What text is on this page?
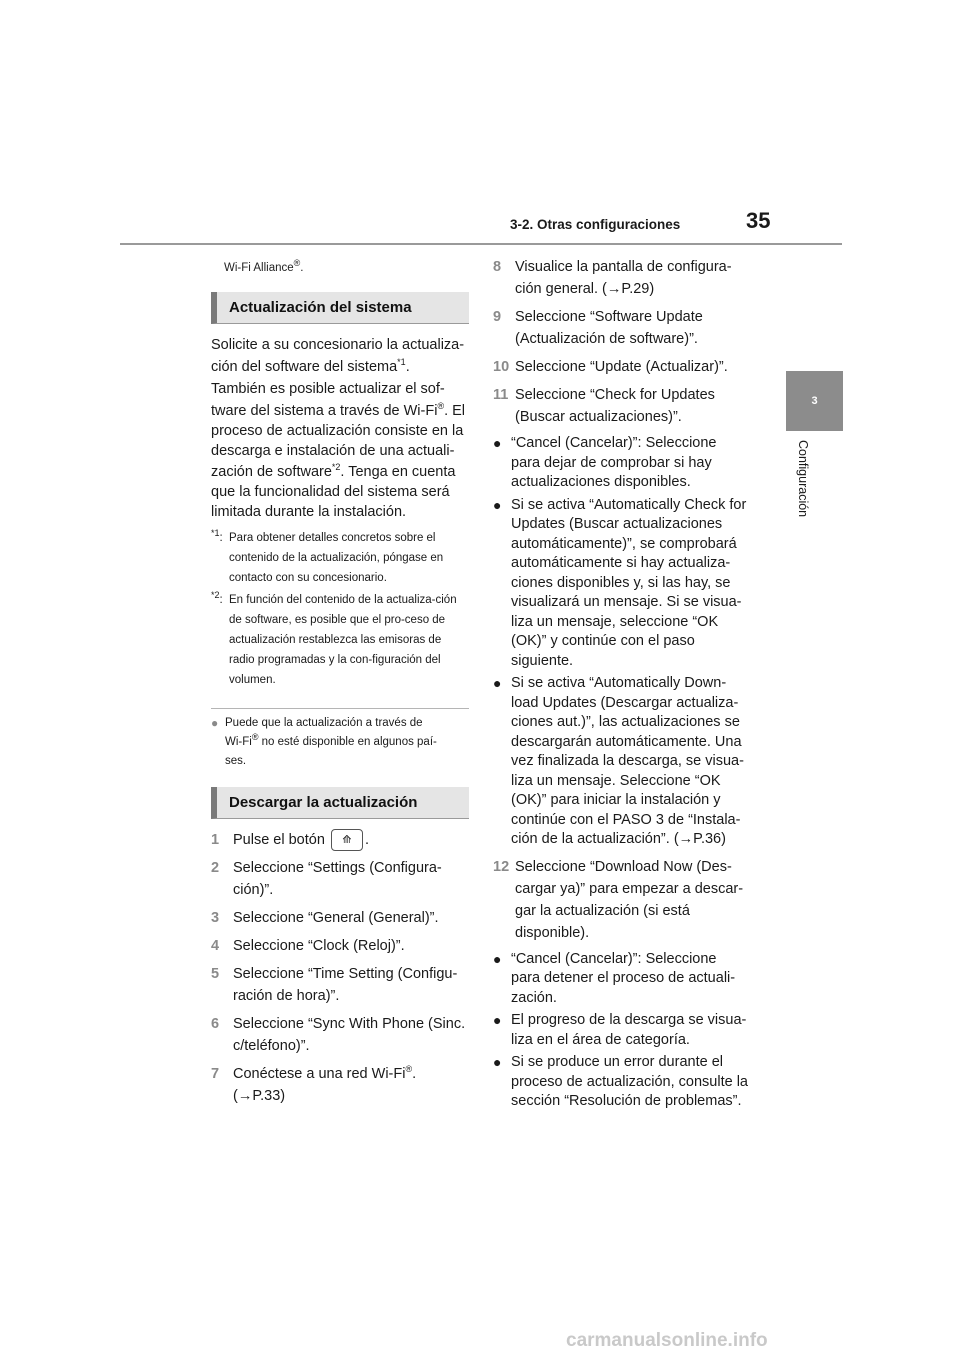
3-2. Otras configuraciones	35
3
Configuración
Wi-Fi Alliance®.
Actualización del sistema
Solicite a su concesionario la actualiza-
ción del software del sistema$^{*1}$.
También es posible actualizar el sof-
tware del sistema a través de Wi-Fi®. El
proceso de actualización consiste en la
descarga e instalación de una actuali-
zación de software$^{*2}$. Tenga en cuenta
que la funcionalidad del sistema será
limitada durante la instalación.
$^{*1}$: Para obtener detalles concretos sobre el contenido de la actualización, póngase en contacto con su concesionario.
$^{*2}$: En función del contenido de la actualiza-ción de software, es posible que el pro-ceso de actualización restablezca las emisoras de radio programadas y la con-figuración del volumen.
● Puede que la actualización a través de
Wi-Fi® no esté disponible en algunos paí-
ses.
Descargar la actualización
1 Pulse el botón ⟰ .
2 Seleccione “Settings (Configura-ción)”.
3 Seleccione “General (General)”.
4 Seleccione “Clock (Reloj)”.
5 Seleccione “Time Setting (Configu-ración de hora)”.
6 Seleccione “Sync With Phone (Sinc. c/teléfono)”.
7 Conéctese a una red Wi-Fi®.
(→P.33)
8 Visualice la pantalla de configura-ción general. (→P.29)
9 Seleccione “Software Update (Actualización de software)”.
10 Seleccione “Update (Actualizar)”.
11 Seleccione “Check for Updates (Buscar actualizaciones)”.
● “Cancel (Cancelar)”: Seleccione para dejar de comprobar si hay actualizaciones disponibles.
● Si se activa “Automatically Check for Updates (Buscar actualizaciones automáticamente)”, se comprobará automáticamente si hay actualiza-ciones disponibles y, si las hay, se visualizará un mensaje. Si se visua-liza un mensaje, seleccione “OK (OK)” y continúe con el paso siguiente.
● Si se activa “Automatically Down-load Updates (Descargar actualiza-ciones aut.)”, las actualizaciones se descargarán automáticamente. Una vez finalizada la descarga, se visua-liza un mensaje. Seleccione “OK (OK)” para iniciar la instalación y continúe con el PASO 3 de “Instala-ción de la actualización”. (→P.36)
12 Seleccione “Download Now (Des-cargar ya)” para empezar a descar-gar la actualización (si está disponible).
● “Cancel (Cancelar)”: Seleccione para detener el proceso de actuali-zación.
● El progreso de la descarga se visua-liza en el área de categoría.
● Si se produce un error durante el proceso de actualización, consulte la sección “Resolución de problemas”.
carmanualsonline.info
